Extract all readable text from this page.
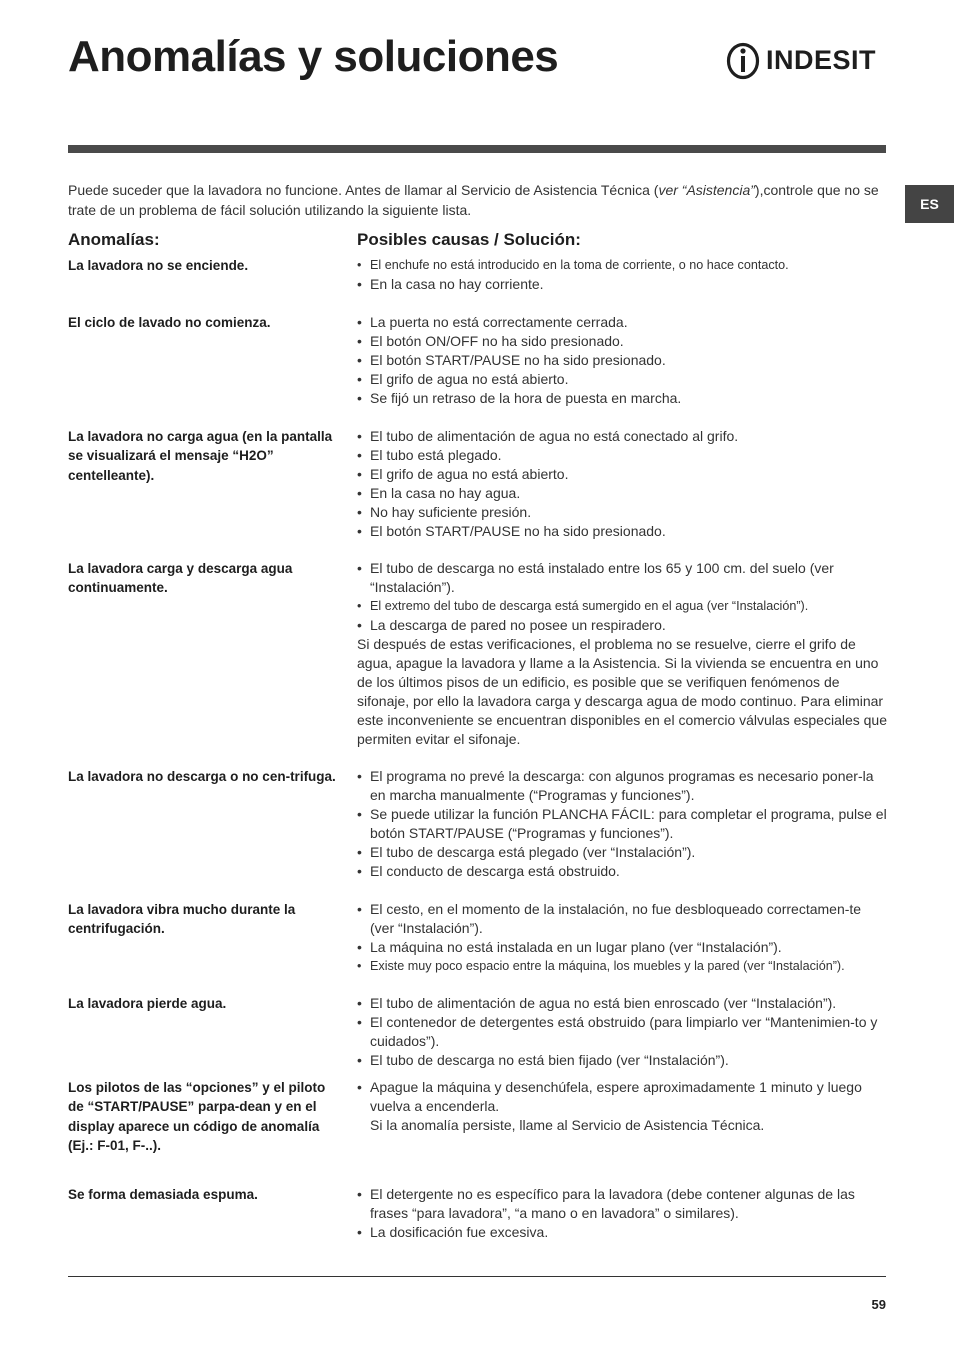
Anomalías y soluciones	INDESIT
ES

Puede suceder que la lavadora no funcione. Antes de llamar al Servicio de Asistencia Técnica (ver “Asistencia”),controle que no se trate de un problema de fácil solución utilizando la siguiente lista.

Anomalías:	Posibles causas / Solución:
La lavadora no se enciende.	• El enchufe no está introducido en la toma de corriente, o no hace contacto.
• En la casa no hay corriente.
El ciclo de lavado no comienza.	• La puerta no está correctamente cerrada.
• El botón ON/OFF no ha sido presionado.
• El botón START/PAUSE no ha sido presionado.
• El grifo de agua no está abierto.
• Se fijó un retraso de la hora de puesta en marcha.
La lavadora no carga agua (en la pantalla se visualizará el mensaje “H2O” centelleante).
• El tubo de alimentación de agua no está conectado al grifo.
• El tubo está plegado.
• El grifo de agua no está abierto.
• En la casa no hay agua.
• No hay suficiente presión.
• El botón START/PAUSE no ha sido presionado.
La lavadora carga y descarga agua continuamente.
• El tubo de descarga no está instalado entre los 65 y 100 cm. del suelo (ver “Instalación”).
• El extremo del tubo de descarga está sumergido en el agua (ver “Instalación”).
• La descarga de pared no posee un respiradero.

Si después de estas verificaciones, el problema no se resuelve, cierre el grifo de agua, apague la lavadora y llame a la Asistencia. Si la vivienda se encuentra en uno de los últimos pisos de un edificio, es posible que se verifiquen fenómenos de sifonaje, por ello la lavadora carga y descarga agua de modo continuo. Para eliminar este inconveniente se encuentran disponibles en el comercio válvulas especiales que permiten evitar el sifonaje.

La lavadora no descarga o no cen-trifuga.	• El programa no prevé la descarga: con algunos programas es necesario poner-la en marcha manualmente (“Programas y funciones”).
• Se puede utilizar la función PLANCHA FÁCIL: para completar el programa, pulse el botón START/PAUSE (“Programas y funciones”).
• El tubo de descarga está plegado (ver “Instalación”).
• El conducto de descarga está obstruido.
La lavadora vibra mucho durante la centrifugación.
• El cesto, en el momento de la instalación, no fue desbloqueado correctamen-te (ver “Instalación”).
• La máquina no está instalada en un lugar plano (ver “Instalación”).
• Existe muy poco espacio entre la máquina, los muebles y la pared (ver “Instalación”).
La lavadora pierde agua.	• El tubo de alimentación de agua no está bien enroscado (ver “Instalación”).
• El contenedor de detergentes está obstruido (para limpiarlo ver “Mantenimien-to y cuidados”).
• El tubo de descarga no está bien fijado (ver “Instalación”).
Los pilotos de las “opciones” y el piloto de “START/PAUSE” parpa-dean y en el display aparece un código de anomalía (Ej.: F-01, F-..).
• Apague la máquina y desenchúfela, espere aproximadamente 1 minuto y luego vuelva a encenderla.

Si la anomalía persiste, llame al Servicio de Asistencia Técnica.

Se forma demasiada espuma.	• El detergente no es específico para la lavadora (debe contener algunas de las frases “para lavadora”, “a mano o en lavadora” o similares).
• La dosificación fue excesiva.
59
